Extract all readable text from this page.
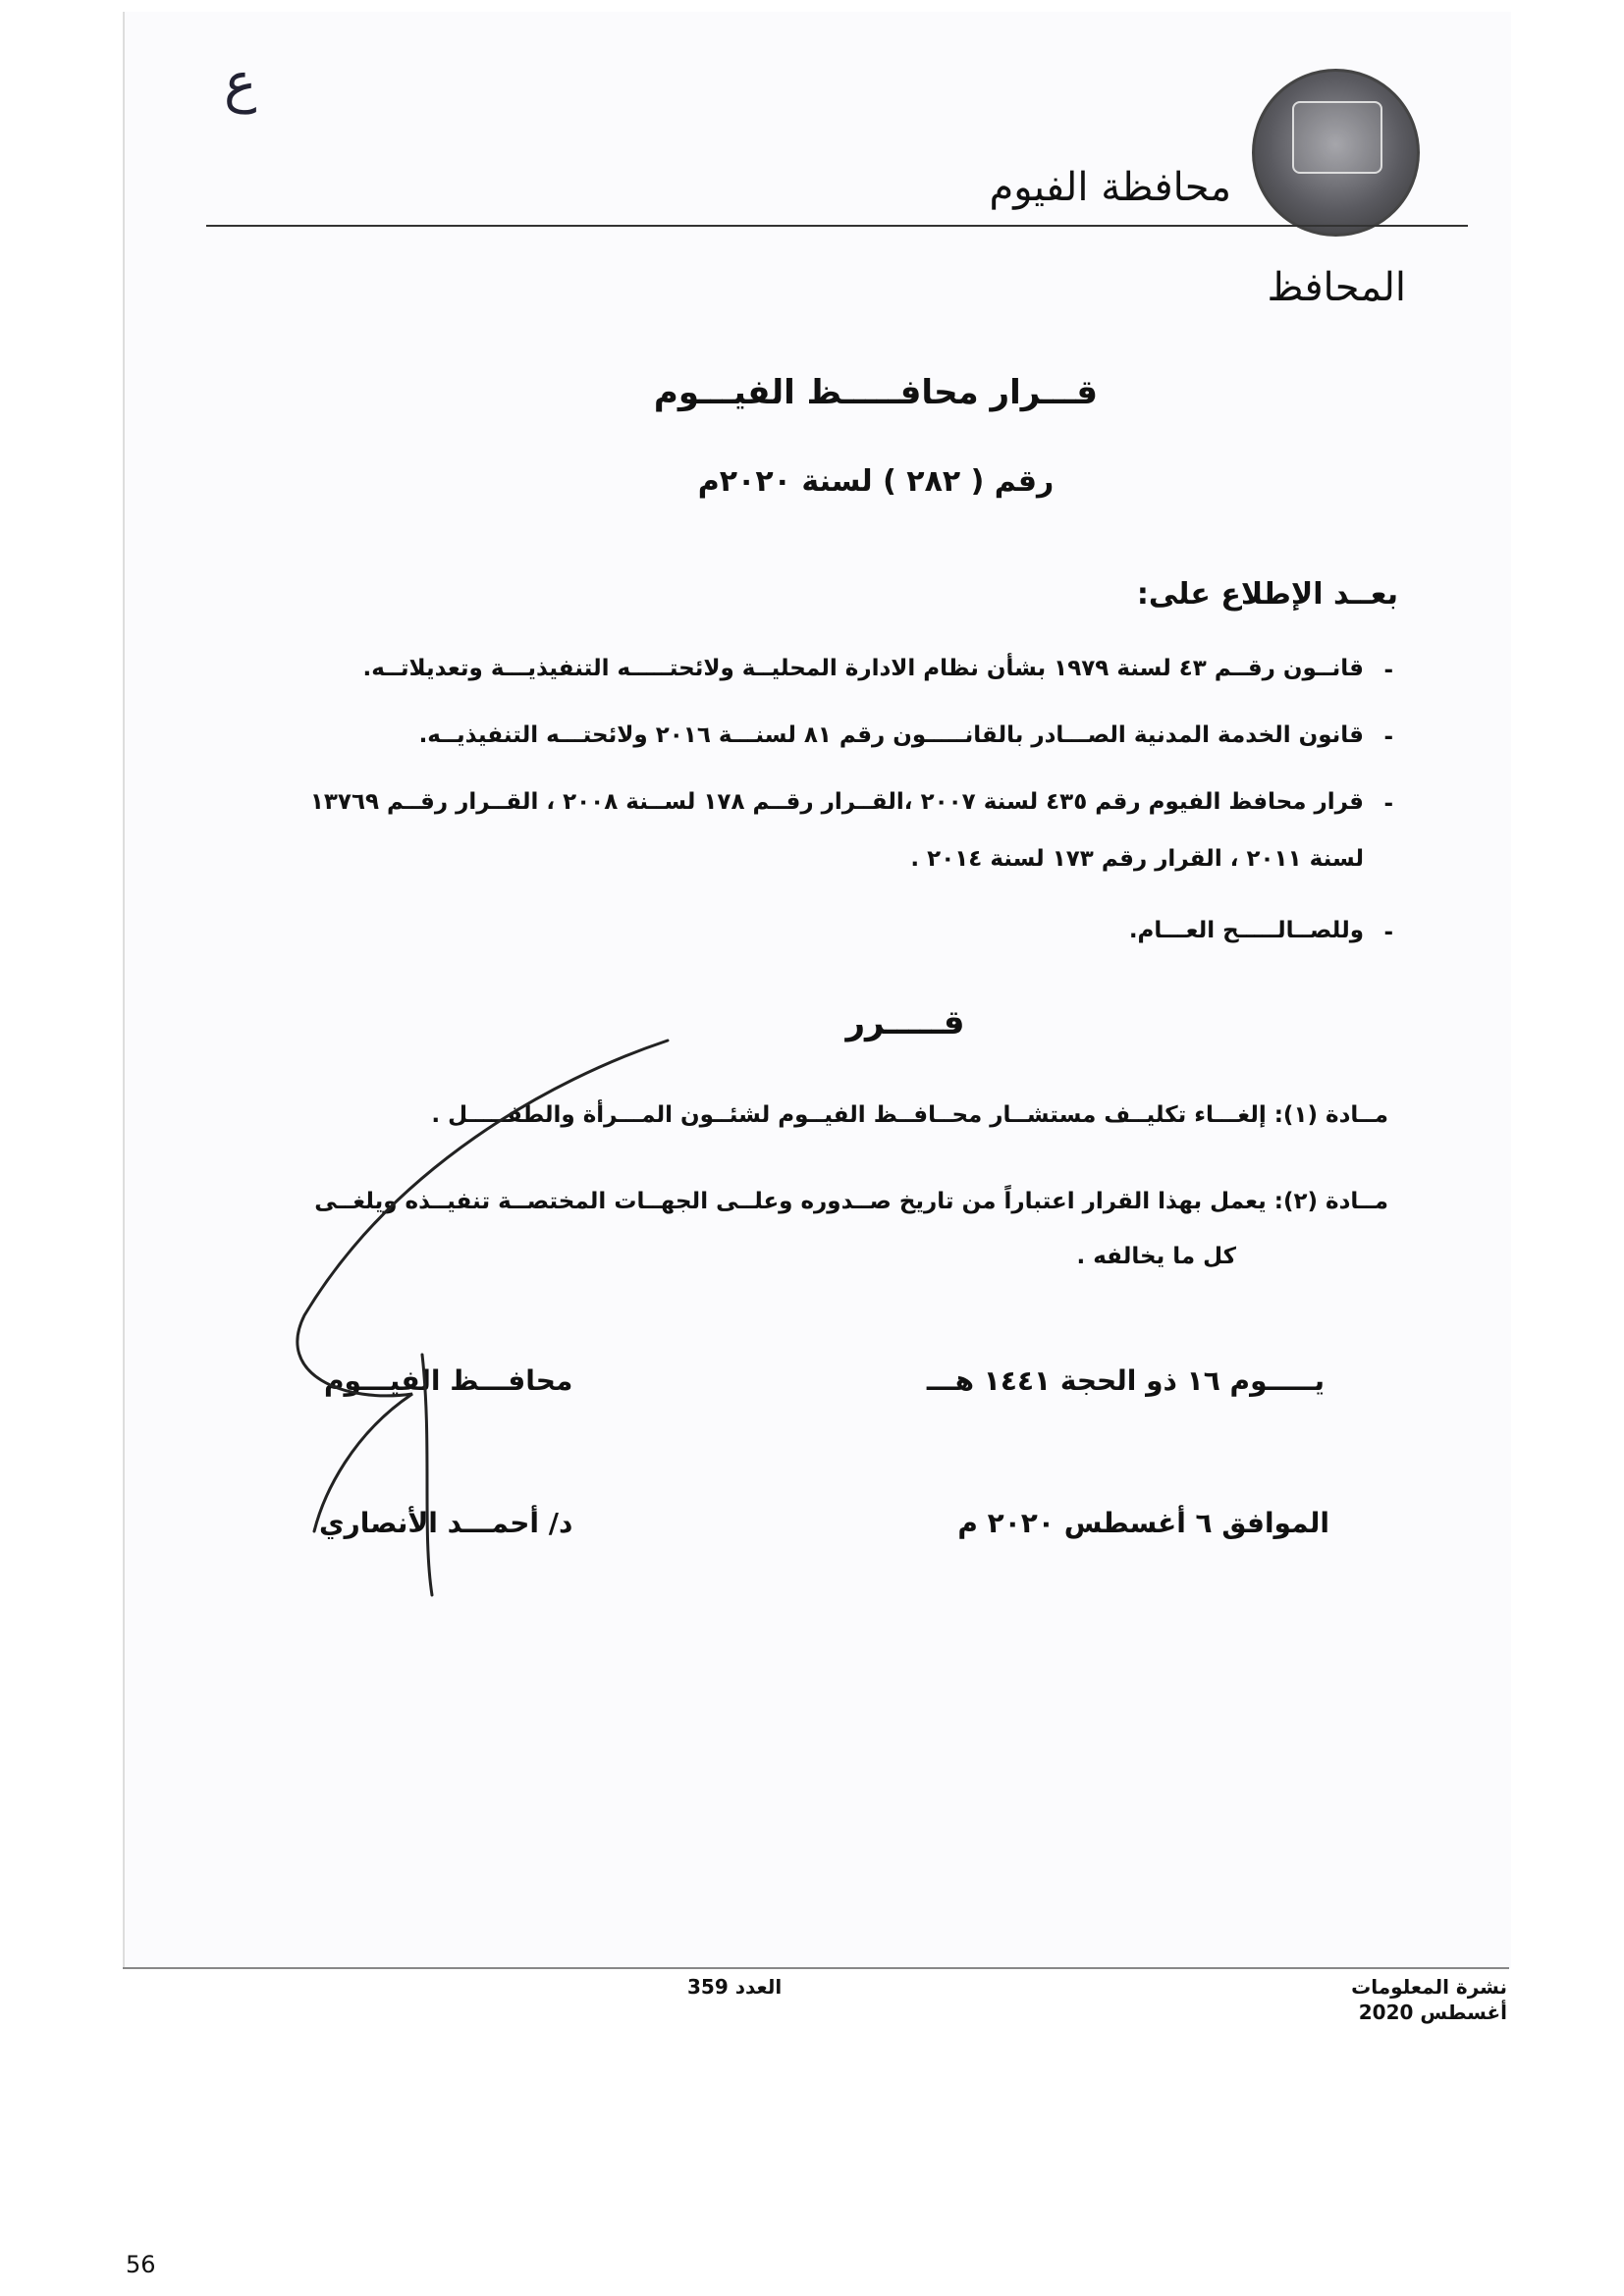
ع
محافظة الفيوم
المحافظ
قـــرار محافـــــظ الفيـــوم
رقم ( ٢٨٢ ) لسنة ٢٠٢٠م
بعــد الإطلاع على:
-
قانــون رقــم ٤٣ لسنة ١٩٧٩ بشأن نظام الادارة المحليــة ولائحتـــــه التنفيذيـــة وتعديلاتــه.
-
قانون الخدمة المدنية الصـــادر بالقانـــــون رقم ٨١ لسنـــة ٢٠١٦ ولائحتـــه التنفيذيــه.
-
قرار محافظ الفيوم رقم ٤٣٥ لسنة ٢٠٠٧ ،القــرار رقــم ١٧٨ لســنة ٢٠٠٨ ، القــرار رقــم ١٣٧٦٩
لسنة ٢٠١١ ، القرار رقم ١٧٣ لسنة ٢٠١٤ .
-
وللصــالـــــح العـــام.
قـــــرر
مــادة (١): إلغـــاء تكليــف مستشــار محــافــظ الفيــوم لشئــون المـــرأة والطفـــــل .
مــادة (٢): يعمل بهذا القرار اعتباراً من تاريخ صــدوره وعلــى الجهــات المختصــة تنفيــذه ويلغــى
كل ما يخالفه .
يـــــوم ١٦ ذو الحجة ١٤٤١ هـــ
محافـــظ الفيـــوم
الموافق ٦ أغسطس ٢٠٢٠ م
د/ أحمـــد الأنصاري
نشرة المعلومات
أغسطس 2020
العدد 359
56
